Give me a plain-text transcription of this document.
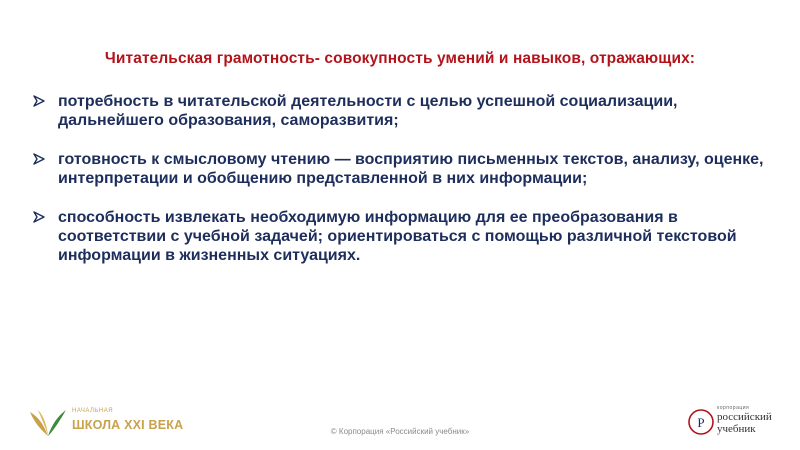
Читательская грамотность- совокупность умений и навыков, отражающих:
потребность в читательской деятельности с целью успешной социализации, дальнейшего образования, саморазвития;
готовность к смысловому чтению — восприятию письменных текстов, анализу, оценке, интерпретации и обобщению представленной в них информации;
способность извлекать необходимую информацию для ее преобразования в соответствии с учебной задачей; ориентироваться с помощью различной текстовой информации в жизненных ситуациях.
НАЧАЛЬНАЯ
ШКОЛА XXI ВЕКА	© Корпорация «Российский учебник»
Р
корпорация
российский
учебник
